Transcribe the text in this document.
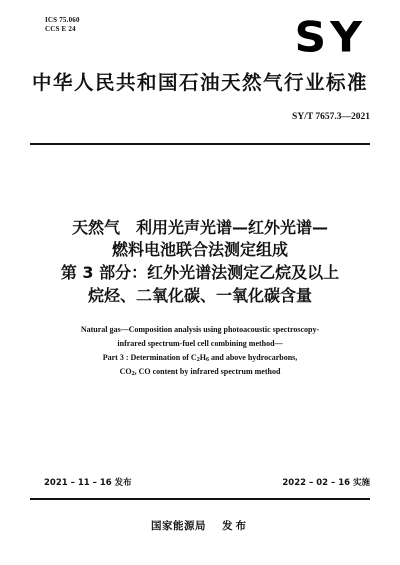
ICS 75.060
CCS E 24	SY
中华人民共和国石油天然气行业标准
SY/T 7657.3—2021
天然气　利用光声光谱—红外光谱—
燃料电池联合法测定组成
第 3 部分：红外光谱法测定乙烷及以上
烷烃、二氧化碳、一氧化碳含量
Natural gas—Composition analysis using photoacoustic spectroscopy-
infrared spectrum-fuel cell combining method—
Part 3 : Determination of $C_2H_6$ and above hydrocarbons,
$CO_2$, CO content by infrared spectrum method
2021 – 11 – 16 发布	2022 – 02 – 16 实施
国家能源局 发布
